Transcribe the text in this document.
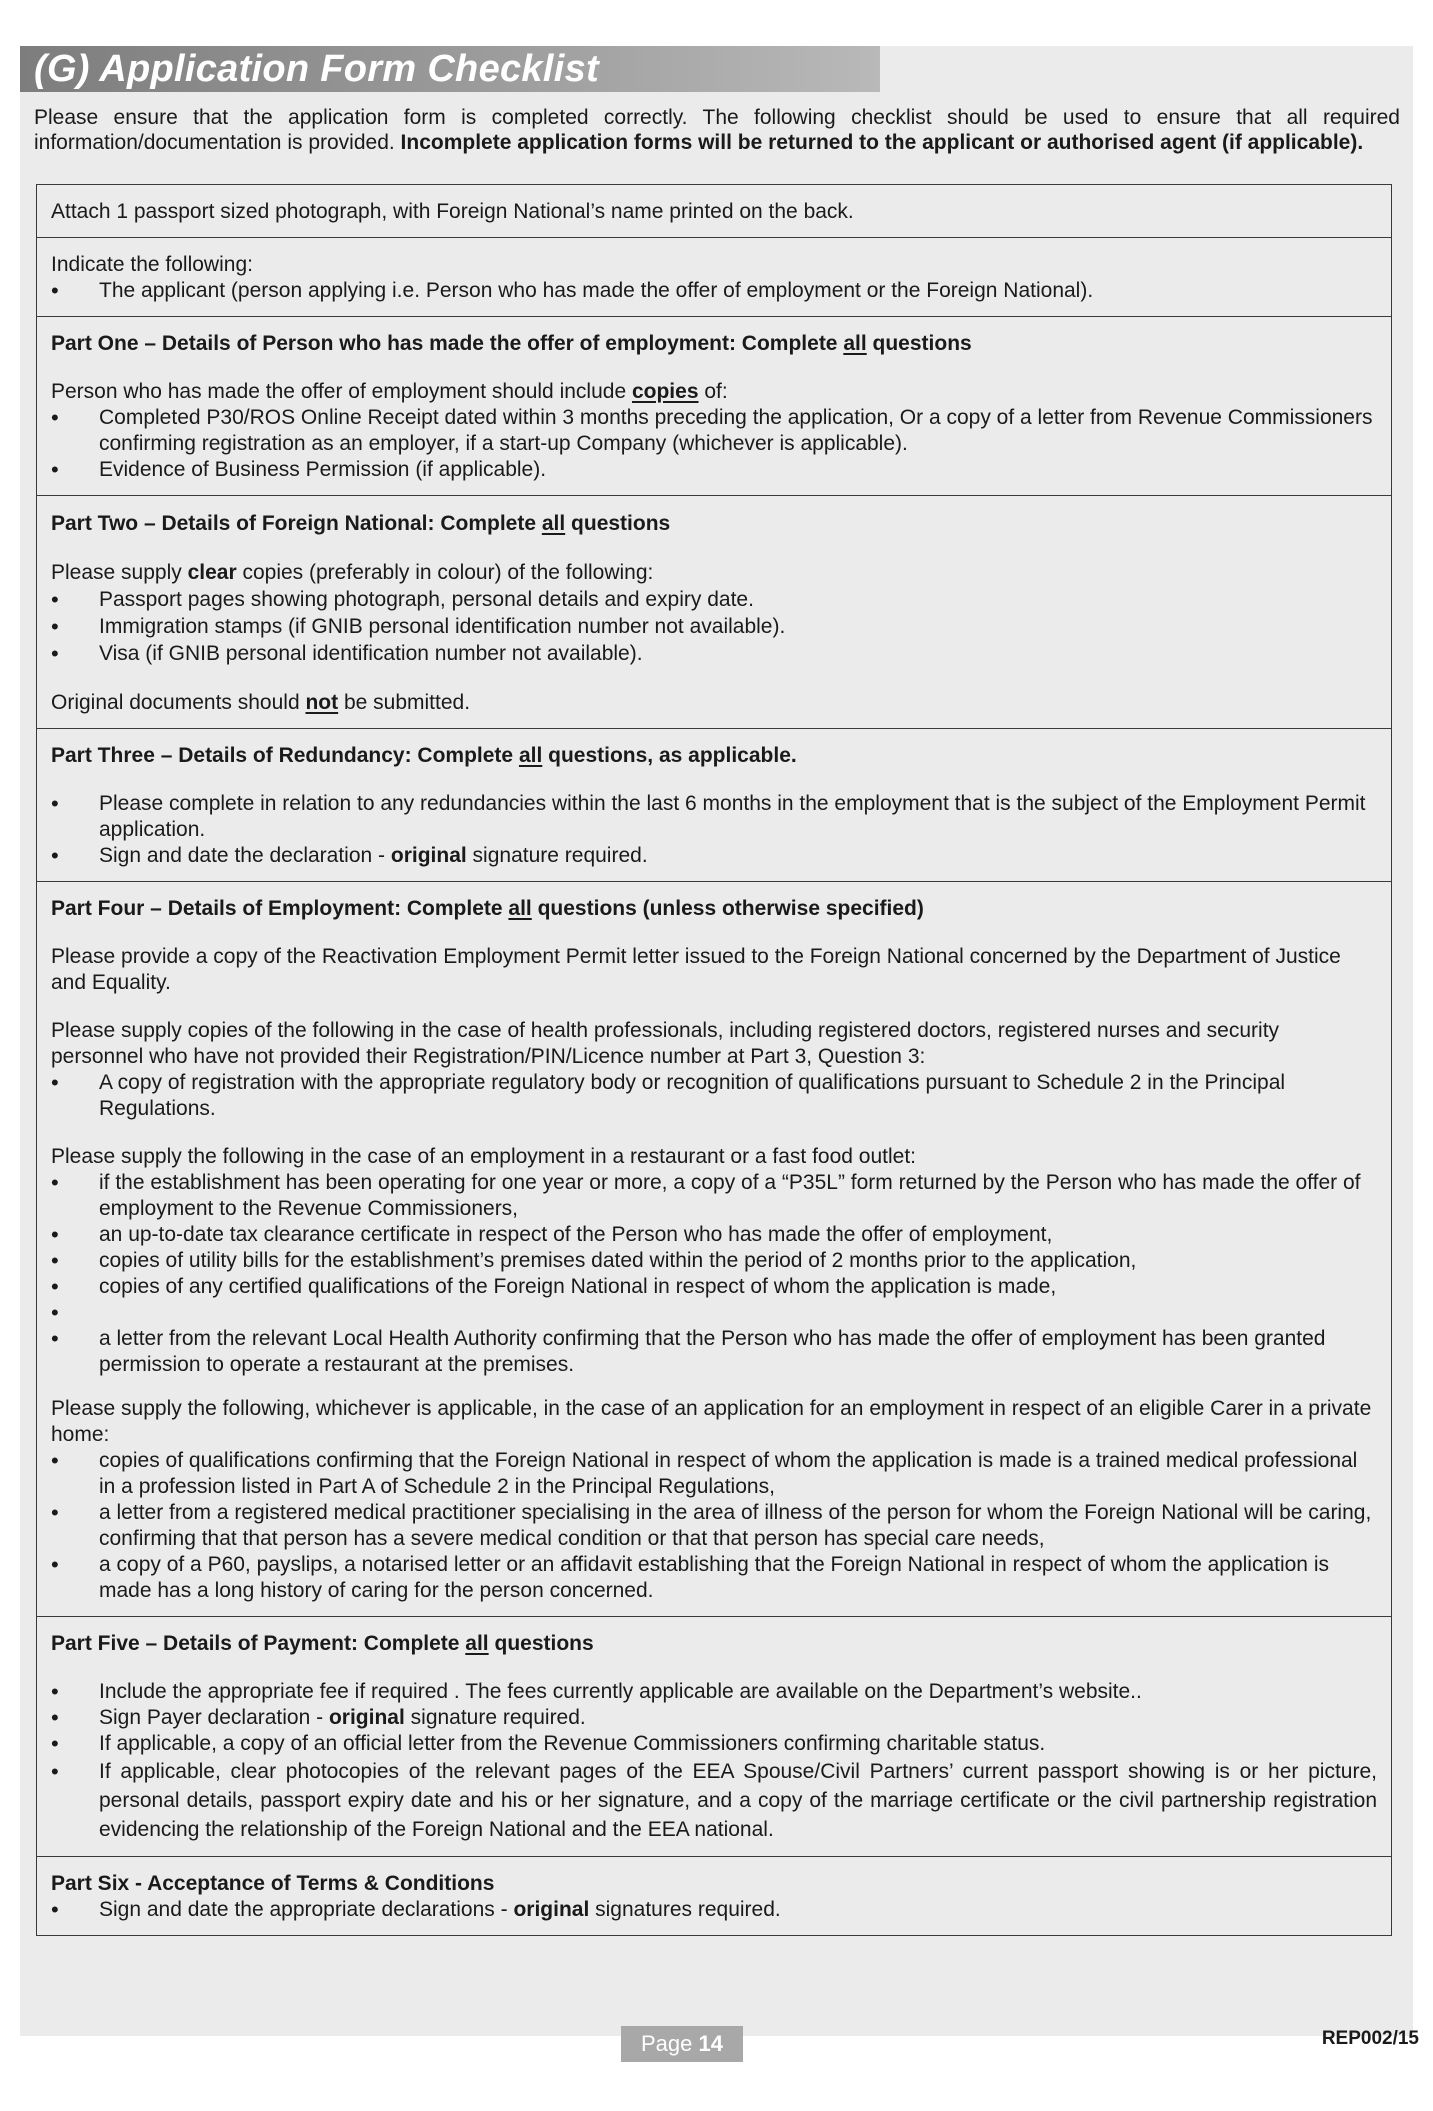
(G) Application Form Checklist
Please ensure that the application form is completed correctly. The following checklist should be used to ensure that all required information/documentation is provided. Incomplete application forms will be returned to the applicant or authorised agent (if applicable).

Attach 1 passport sized photograph, with Foreign National’s name printed on the back.

Indicate the following:

• The applicant (person applying i.e. Person who has made the offer of employment or the Foreign National).

Part One – Details of Person who has made the offer of employment: Complete all questions

Person who has made the offer of employment should include copies of:

• Completed P30/ROS Online Receipt dated within 3 months preceding the application, Or a copy of a letter from Revenue Commissioners confirming registration as an employer, if a start-up Company (whichever is applicable).
• Evidence of Business Permission (if applicable).

Part Two – Details of Foreign National: Complete all questions

Please supply clear copies (preferably in colour) of the following:

• Passport pages showing photograph, personal details and expiry date.
• Immigration stamps (if GNIB personal identification number not available).
• Visa (if GNIB personal identification number not available).

Original documents should not be submitted.

Part Three – Details of Redundancy: Complete all questions, as applicable.

• Please complete in relation to any redundancies within the last 6 months in the employment that is the subject of the Employment Permit application.
• Sign and date the declaration - original signature required.

Part Four – Details of Employment: Complete all questions (unless otherwise specified)

Please provide a copy of the Reactivation Employment Permit letter issued to the Foreign National concerned by the Department of Justice and Equality.

Please supply copies of the following in the case of health professionals, including registered doctors, registered nurses and security personnel who have not provided their Registration/PIN/Licence number at Part 3, Question 3:

• A copy of registration with the appropriate regulatory body or recognition of qualifications pursuant to Schedule 2 in the Principal Regulations.

Please supply the following in the case of an employment in a restaurant or a fast food outlet:

• if the establishment has been operating for one year or more, a copy of a “P35L” form returned by the Person who has made the offer of employment to the Revenue Commissioners,
• an up-to-date tax clearance certificate in respect of the Person who has made the offer of employment,
• copies of utility bills for the establishment’s premises dated within the period of 2 months prior to the application,
• copies of any certified qualifications of the Foreign National in respect of whom the application is made,
•
• a letter from the relevant Local Health Authority confirming that the Person who has made the offer of employment has been granted permission to operate a restaurant at the premises.

Please supply the following, whichever is applicable, in the case of an application for an employment in respect of an eligible Carer in a private home:

• copies of qualifications confirming that the Foreign National in respect of whom the application is made is a trained medical professional in a profession listed in Part A of Schedule 2 in the Principal Regulations,
• a letter from a registered medical practitioner specialising in the area of illness of the person for whom the Foreign National will be caring, confirming that that person has a severe medical condition or that that person has special care needs,
• a copy of a P60, payslips, a notarised letter or an affidavit establishing that the Foreign National in respect of whom the application is made has a long history of caring for the person concerned.

Part Five – Details of Payment: Complete all questions

• Include the appropriate fee if required . The fees currently applicable are available on the Department’s website..
• Sign Payer declaration - original signature required.
• If applicable, a copy of an official letter from the Revenue Commissioners confirming charitable status.
• If applicable, clear photocopies of the relevant pages of the EEA Spouse/Civil Partners’ current passport showing is or her picture, personal details, passport expiry date and his or her signature, and a copy of the marriage certificate or the civil partnership registration evidencing the relationship of the Foreign National and the EEA national.

Part Six - Acceptance of Terms & Conditions

• Sign and date the appropriate declarations - original signatures required.
Page 14	REP002/15
